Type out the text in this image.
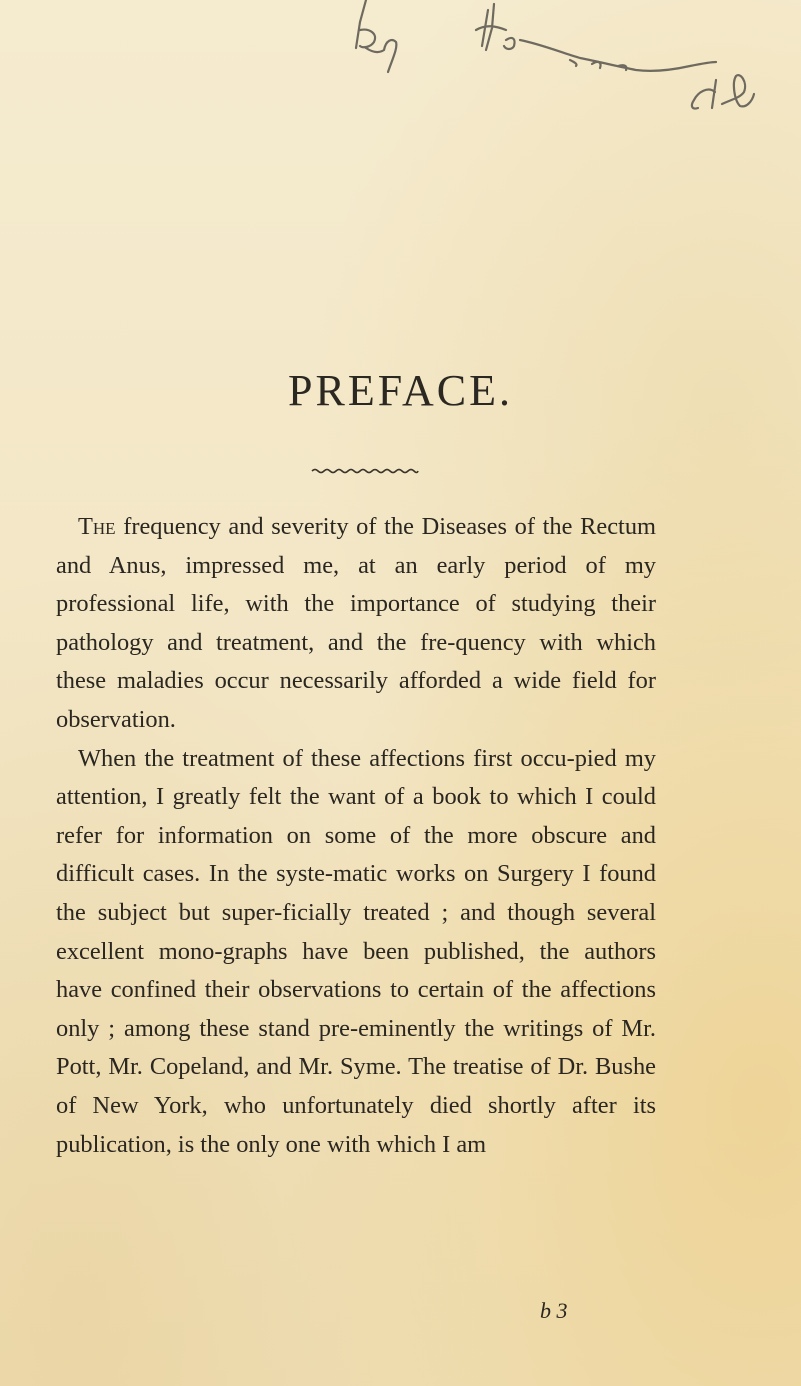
PREFACE.

The frequency and severity of the Diseases of the Rectum and Anus, impressed me, at an early period of my professional life, with the importance of studying their pathology and treatment, and the fre-quency with which these maladies occur necessarily afforded a wide field for observation.

When the treatment of these affections first occu-pied my attention, I greatly felt the want of a book to which I could refer for information on some of the more obscure and difficult cases. In the syste-matic works on Surgery I found the subject but super-ficially treated ; and though several excellent mono-graphs have been published, the authors have confined their observations to certain of the affections only ; among these stand pre-eminently the writings of Mr. Pott, Mr. Copeland, and Mr. Syme. The treatise of Dr. Bushe of New York, who unfortunately died shortly after its publication, is the only one with which I am

b 3
